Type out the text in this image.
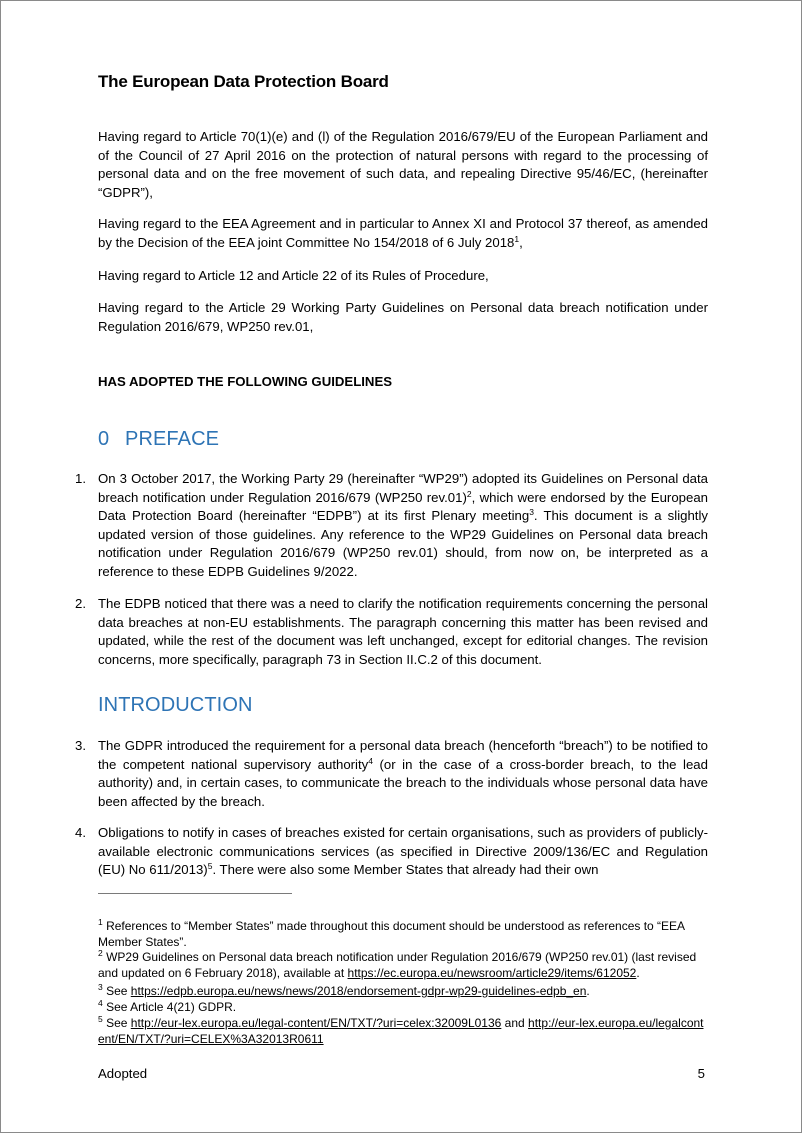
The European Data Protection Board
Having regard to Article 70(1)(e) and (l) of the Regulation 2016/679/EU of the European Parliament and of the Council of 27 April 2016 on the protection of natural persons with regard to the processing of personal data and on the free movement of such data, and repealing Directive 95/46/EC, (hereinafter “GDPR”),
Having regard to the EEA Agreement and in particular to Annex XI and Protocol 37 thereof, as amended by the Decision of the EEA joint Committee No 154/2018 of 6 July 2018$^1$,
Having regard to Article 12 and Article 22 of its Rules of Procedure,
Having regard to the Article 29 Working Party Guidelines on Personal data breach notification under Regulation 2016/679, WP250 rev.01,
HAS ADOPTED THE FOLLOWING GUIDELINES
0 PREFACE
1. On 3 October 2017, the Working Party 29 (hereinafter “WP29”) adopted its Guidelines on Personal data breach notification under Regulation 2016/679 (WP250 rev.01)$^2$, which were endorsed by the European Data Protection Board (hereinafter “EDPB”) at its first Plenary meeting$^3$. This document is a slightly updated version of those guidelines. Any reference to the WP29 Guidelines on Personal data breach notification under Regulation 2016/679 (WP250 rev.01) should, from now on, be interpreted as a reference to these EDPB Guidelines 9/2022.
2. The EDPB noticed that there was a need to clarify the notification requirements concerning the personal data breaches at non-EU establishments. The paragraph concerning this matter has been revised and updated, while the rest of the document was left unchanged, except for editorial changes. The revision concerns, more specifically, paragraph 73 in Section II.C.2 of this document.
INTRODUCTION
3. The GDPR introduced the requirement for a personal data breach (henceforth “breach”) to be notified to the competent national supervisory authority$^4$ (or in the case of a cross-border breach, to the lead authority) and, in certain cases, to communicate the breach to the individuals whose personal data have been affected by the breach.
4. Obligations to notify in cases of breaches existed for certain organisations, such as providers of publicly-available electronic communications services (as specified in Directive 2009/136/EC and Regulation (EU) No 611/2013)$^5$. There were also some Member States that already had their own
$^1$ References to “Member States” made throughout this document should be understood as references to “EEA Member States”.
$^2$ WP29 Guidelines on Personal data breach notification under Regulation 2016/679 (WP250 rev.01) (last revised and updated on 6 February 2018), available at https://ec.europa.eu/newsroom/article29/items/612052.
$^3$ See https://edpb.europa.eu/news/news/2018/endorsement-gdpr-wp29-guidelines-edpb_en.
$^4$ See Article 4(21) GDPR.
$^5$ See http://eur-lex.europa.eu/legal-content/EN/TXT/?uri=celex:32009L0136 and http://eur-lex.europa.eu/legalcontent/EN/TXT/?uri=CELEX%3A32013R0611
Adopted	5
